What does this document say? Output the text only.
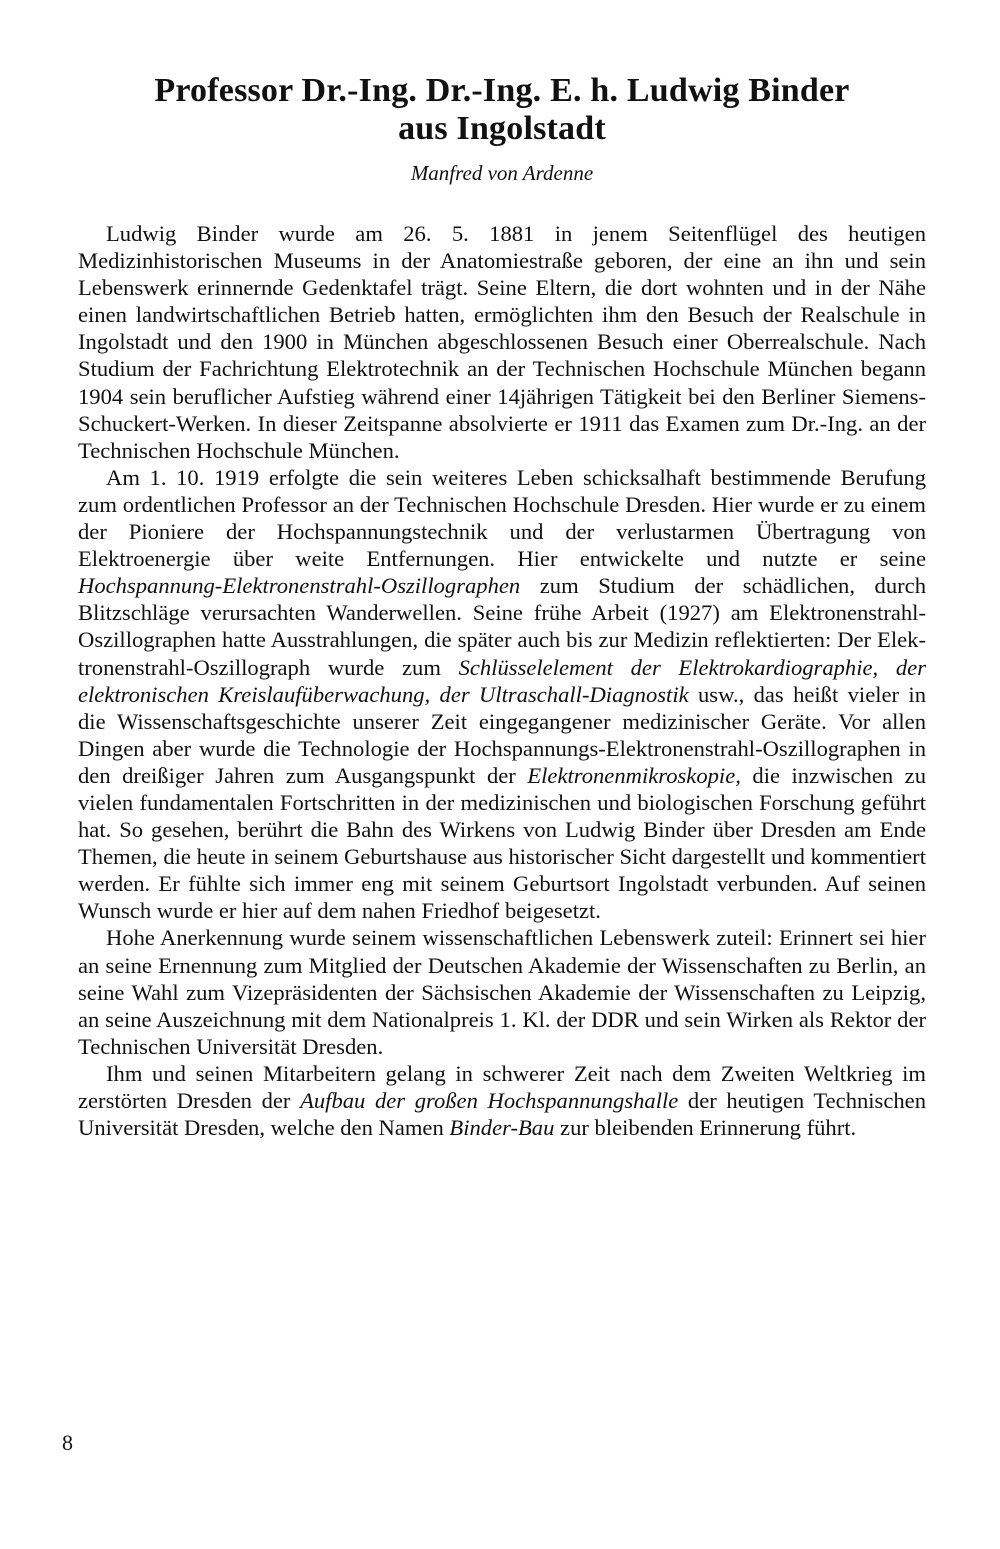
Professor Dr.-Ing. Dr.-Ing. E. h. Ludwig Binder
aus Ingolstadt

Manfred von Ardenne

Ludwig Binder wurde am 26. 5. 1881 in jenem Seitenflügel des heutigen Medizinhistorischen Museums in der Anatomiestraße geboren, der eine an ihn und sein Lebenswerk erinnernde Gedenktafel trägt. Seine Eltern, die dort wohnten und in der Nähe einen landwirtschaftlichen Betrieb hatten, ermöglichten ihm den Besuch der Realschule in Ingolstadt und den 1900 in München abgeschlossenen Besuch einer Oberrealschule. Nach Studium der Fachrichtung Elektrotechnik an der Technischen Hochschule München begann 1904 sein beruflicher Aufstieg während einer 14jährigen Tätigkeit bei den Berliner Siemens-Schuckert-Werken. In dieser Zeitspanne absolvierte er 1911 das Examen zum Dr.-Ing. an der Technischen Hochschule München.

Am 1. 10. 1919 erfolgte die sein weiteres Leben schicksalhaft bestimmende Berufung zum ordentlichen Professor an der Technischen Hochschule Dresden. Hier wurde er zu einem der Pioniere der Hochspannungstechnik und der verlustarmen Übertragung von Elektroenergie über weite Entfernungen. Hier entwickelte und nutzte er seine Hochspannung-Elektronenstrahl-Oszillographen zum Studium der schädlichen, durch Blitzschläge verursachten Wanderwellen. Seine frühe Arbeit (1927) am Elektronenstrahl-Oszillographen hatte Ausstrahlungen, die später auch bis zur Medizin reflektierten: Der Elektronenstrahl-Oszillograph wurde zum Schlüsselelement der Elektrokardiographie, der elektronischen Kreislaufüberwachung, der Ultraschall-Diagnostik usw., das heißt vieler in die Wissenschaftsgeschichte unserer Zeit eingegangener medizinischer Geräte. Vor allen Dingen aber wurde die Technologie der Hochspannungs-Elektronenstrahl-Oszillographen in den dreißiger Jahren zum Ausgangspunkt der Elektronenmikroskopie, die inzwischen zu vielen fundamentalen Fortschritten in der medizinischen und biologischen Forschung geführt hat. So gesehen, berührt die Bahn des Wirkens von Ludwig Binder über Dresden am Ende Themen, die heute in seinem Geburtshause aus historischer Sicht dargestellt und kommentiert werden. Er fühlte sich immer eng mit seinem Geburtsort Ingolstadt verbunden. Auf seinen Wunsch wurde er hier auf dem nahen Friedhof beigesetzt.

Hohe Anerkennung wurde seinem wissenschaftlichen Lebenswerk zuteil: Erinnert sei hier an seine Ernennung zum Mitglied der Deutschen Akademie der Wissenschaften zu Berlin, an seine Wahl zum Vizepräsidenten der Sächsischen Akademie der Wissenschaften zu Leipzig, an seine Auszeichnung mit dem Nationalpreis 1. Kl. der DDR und sein Wirken als Rektor der Technischen Universität Dresden.

Ihm und seinen Mitarbeitern gelang in schwerer Zeit nach dem Zweiten Weltkrieg im zerstörten Dresden der Aufbau der großen Hochspannungshalle der heutigen Technischen Universität Dresden, welche den Namen Binder-Bau zur bleibenden Erinnerung führt.

8
